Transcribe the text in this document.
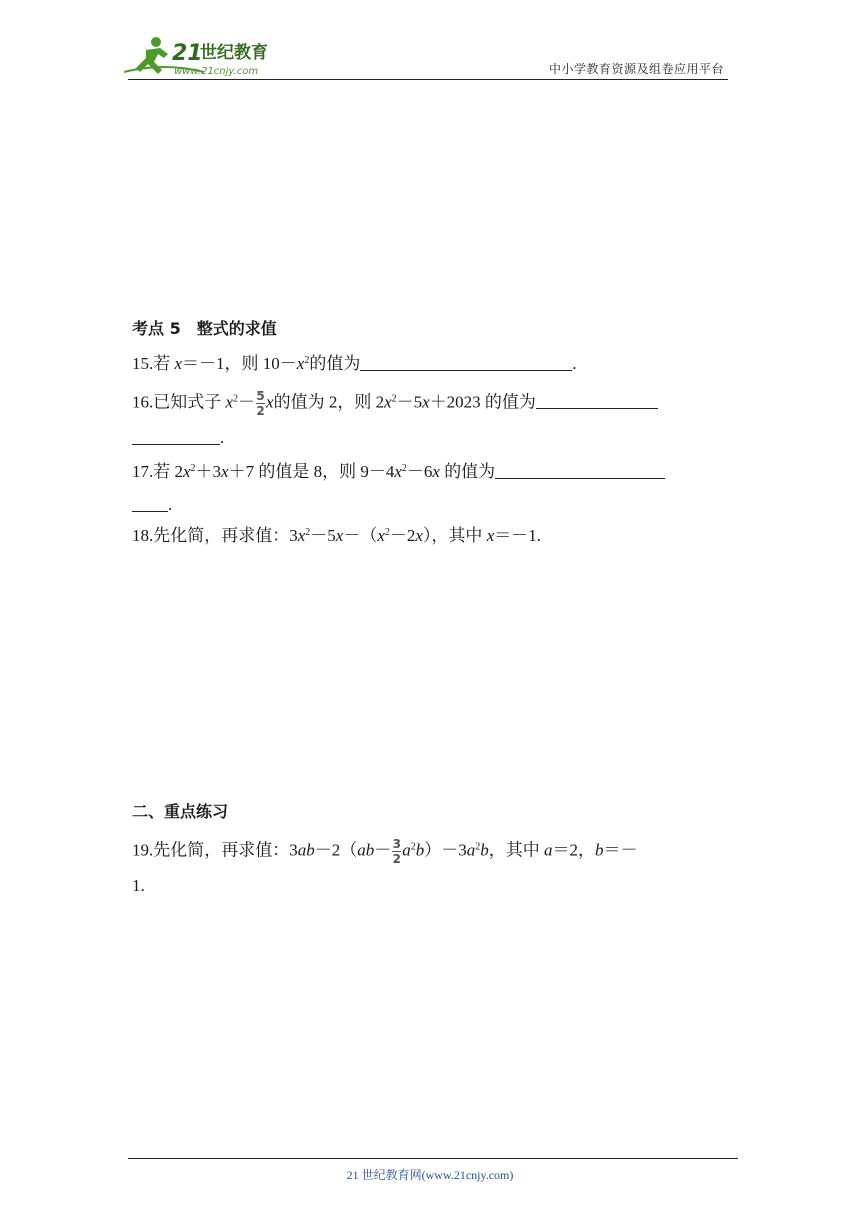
21
世纪教育
www.21cnjy.com	中小学教育资源及组卷应用平台
考点 5　整式的求值
15.若 x＝－1，则 $10-x^2$的值为	.
16.已知式子 $x^2- \frac{5}{2}$ x的值为 2，则 $2x^2-5x+2023$ 的值为
.
17.若 $2x^2+3x+7$ 的值是 8，则 $9-4x^2-6x$ 的值为
.
18.先化简，再求值：$3x^2-5x-(x^2-2x)$，其中 x＝－1.
二、重点练习
19.先化简，再求值：$3ab-2(ab- \frac{3}{2} a^2b)-3a^2b$，其中 a＝2，b＝－
1.
21 世纪教育网(www.21cnjy.com)
